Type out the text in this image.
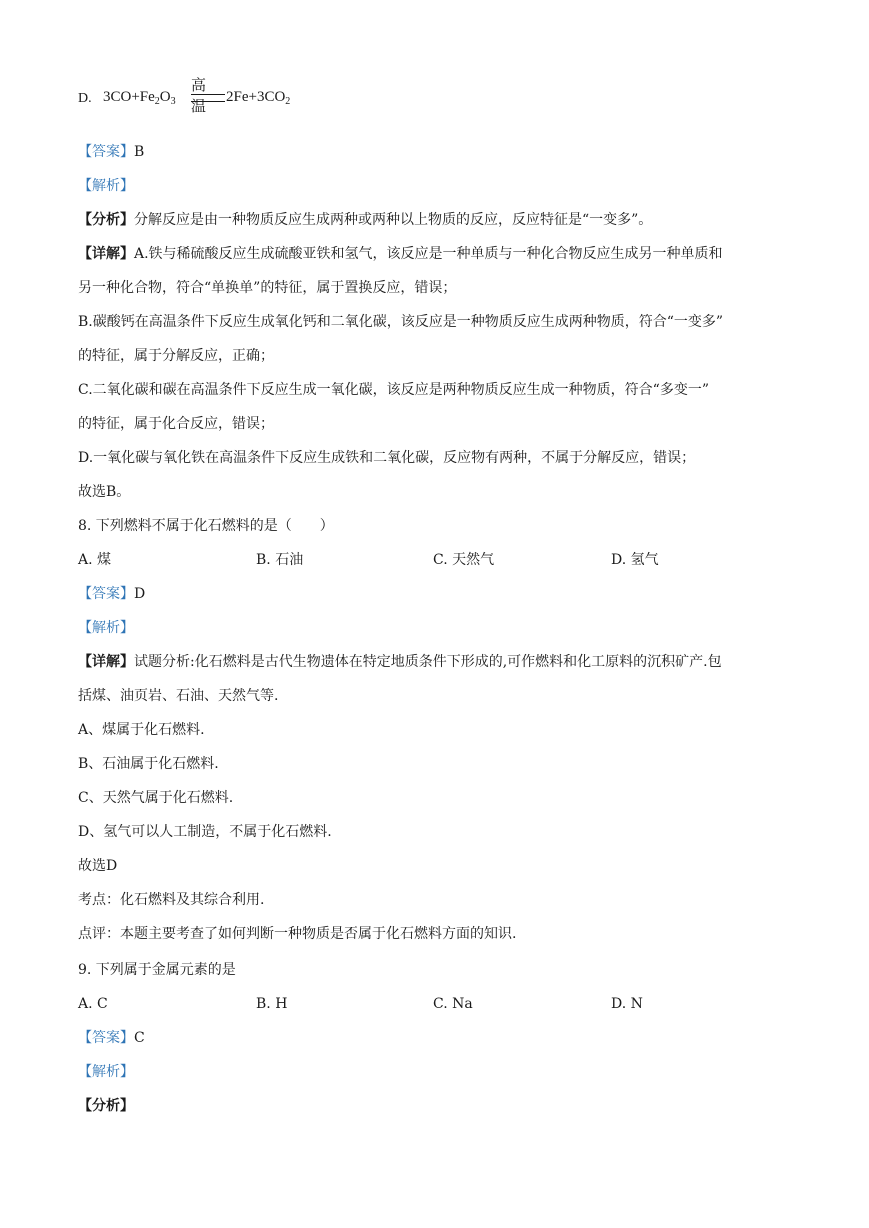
D. $3CO+Fe_2O_3$
高温 $2Fe+3CO_2$
【答案】B
【解析】
【分析】分解反应是由一种物质反应生成两种或两种以上物质的反应，反应特征是“一变多”。
【详解】A.铁与稀硫酸反应生成硫酸亚铁和氢气，该反应是一种单质与一种化合物反应生成另一种单质和
另一种化合物，符合“单换单”的特征，属于置换反应，错误；
B.碳酸钙在高温条件下反应生成氧化钙和二氧化碳，该反应是一种物质反应生成两种物质，符合“一变多”
的特征，属于分解反应，正确；
C.二氧化碳和碳在高温条件下反应生成一氧化碳，该反应是两种物质反应生成一种物质，符合“多变一”
的特征，属于化合反应，错误；
D.一氧化碳与氧化铁在高温条件下反应生成铁和二氧化碳，反应物有两种，不属于分解反应，错误；
故选B。
8. 下列燃料不属于化石燃料的是（　　）
A. 煤	B. 石油	C. 天然气	D. 氢气
【答案】D
【解析】
【详解】试题分析:化石燃料是古代生物遗体在特定地质条件下形成的,可作燃料和化工原料的沉积矿产.包
括煤、油页岩、石油、天然气等.
A、煤属于化石燃料.
B、石油属于化石燃料.
C、天然气属于化石燃料.
D、氢气可以人工制造，不属于化石燃料.
故选D
考点：化石燃料及其综合利用.
点评：本题主要考查了如何判断一种物质是否属于化石燃料方面的知识.
9. 下列属于金属元素的是
A. C	B. H	C. Na	D. N
【答案】C
【解析】
【分析】
